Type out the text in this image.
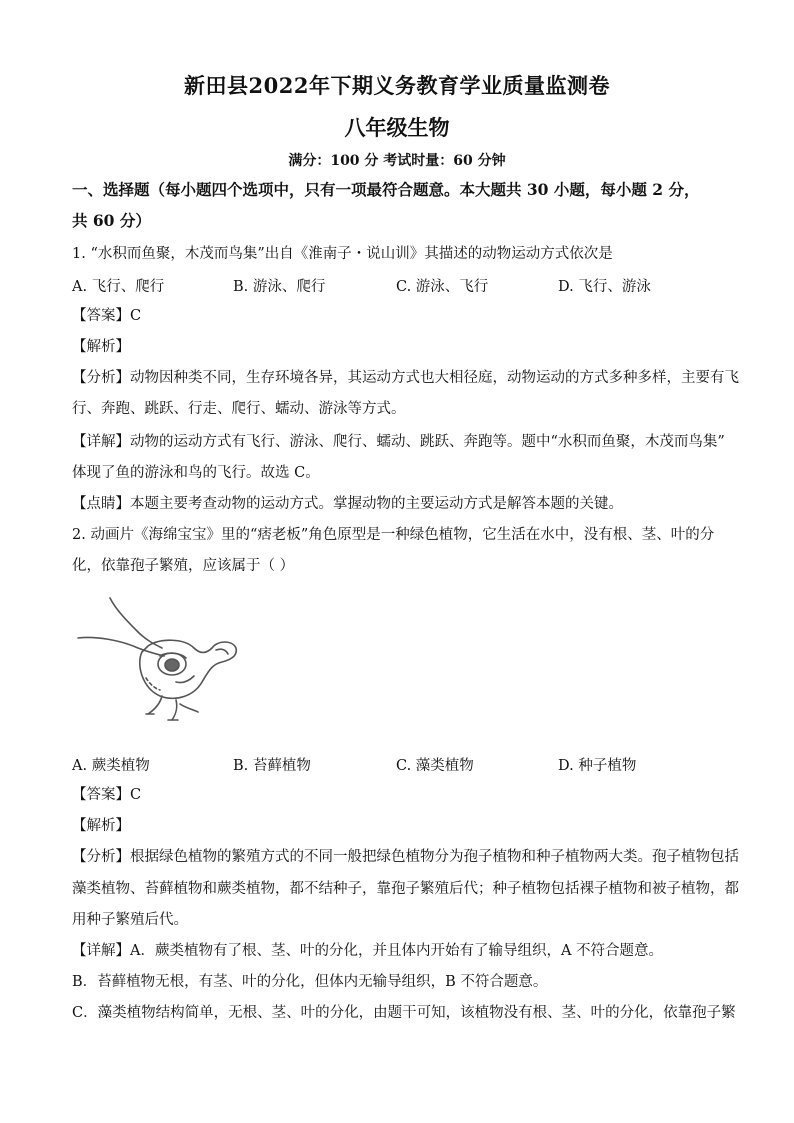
新田县2022年下期义务教育学业质量监测卷
八年级生物
满分：100 分 考试时量：60 分钟
一、选择题（每小题四个选项中，只有一项最符合题意。本大题共 30 小题，每小题 2 分，
共 60 分）
1. “水积而鱼聚，木茂而鸟集”出自《淮南子・说山训》其描述的动物运动方式依次是
A. 飞行、爬行	B. 游泳、爬行	C. 游泳、飞行	D. 飞行、游泳
【答案】C
【解析】
【分析】动物因种类不同，生存环境各异，其运动方式也大相径庭，动物运动的方式多种多样，主要有飞
行、奔跑、跳跃、行走、爬行、蠕动、游泳等方式。
【详解】动物的运动方式有飞行、游泳、爬行、蠕动、跳跃、奔跑等。题中“水积而鱼聚，木茂而鸟集”
体现了鱼的游泳和鸟的飞行。故选 C。
【点睛】本题主要考查动物的运动方式。掌握动物的主要运动方式是解答本题的关键。
2. 动画片《海绵宝宝》里的“痞老板”角色原型是一种绿色植物，它生活在水中，没有根、茎、叶的分
化，依靠孢子繁殖，应该属于（ ）
A. 蕨类植物	B. 苔藓植物	C. 藻类植物	D. 种子植物
【答案】C
【解析】
【分析】根据绿色植物的繁殖方式的不同一般把绿色植物分为孢子植物和种子植物两大类。孢子植物包括
藻类植物、苔藓植物和蕨类植物，都不结种子，靠孢子繁殖后代；种子植物包括裸子植物和被子植物，都
用种子繁殖后代。
【详解】A．蕨类植物有了根、茎、叶的分化，并且体内开始有了输导组织，A 不符合题意。
B．苔藓植物无根，有茎、叶的分化，但体内无输导组织，B 不符合题意。
C．藻类植物结构简单，无根、茎、叶的分化，由题干可知，该植物没有根、茎、叶的分化，依靠孢子繁
